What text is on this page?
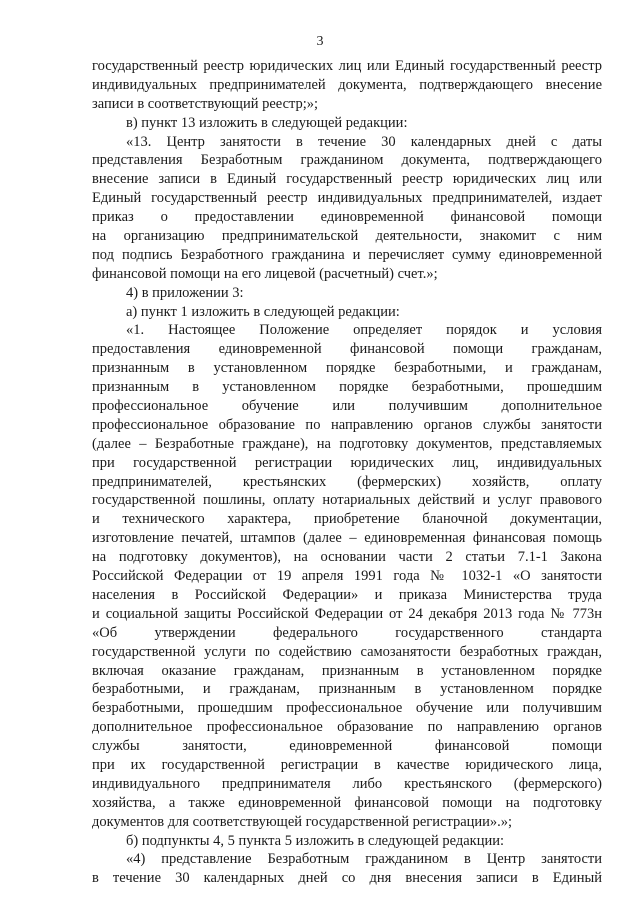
3
государственный реестр юридических лиц или Единый государственный реестр
индивидуальных предпринимателей документа, подтверждающего внесение
записи в соответствующий реестр;»;
в) пункт 13 изложить в следующей редакции:
«13. Центр занятости в течение 30 календарных дней с даты
представления Безработным гражданином документа, подтверждающего
внесение записи в Единый государственный реестр юридических лиц или
Единый государственный реестр индивидуальных предпринимателей, издает
приказ о предоставлении единовременной финансовой помощи
на организацию предпринимательской деятельности, знакомит с ним
под подпись Безработного гражданина и перечисляет сумму единовременной
финансовой помощи на его лицевой (расчетный) счет.»;
4) в приложении 3:
а) пункт 1 изложить в следующей редакции:
«1. Настоящее Положение определяет порядок и условия
предоставления единовременной финансовой помощи гражданам,
признанным в установленном порядке безработными, и гражданам,
признанным в установленном порядке безработными, прошедшим
профессиональное обучение или получившим дополнительное
профессиональное образование по направлению органов службы занятости
(далее – Безработные граждане), на подготовку документов, представляемых
при государственной регистрации юридических лиц, индивидуальных
предпринимателей, крестьянских (фермерских) хозяйств, оплату
государственной пошлины, оплату нотариальных действий и услуг правового
и технического характера, приобретение бланочной документации,
изготовление печатей, штампов (далее – единовременная финансовая помощь
на подготовку документов), на основании части 2 статьи 7.1-1 Закона
Российской Федерации от 19 апреля 1991 года № 1032-1 «О занятости
населения в Российской Федерации» и приказа Министерства труда
и социальной защиты Российской Федерации от 24 декабря 2013 года № 773н
«Об утверждении федерального государственного стандарта
государственной услуги по содействию самозанятости безработных граждан,
включая оказание гражданам, признанным в установленном порядке
безработными, и гражданам, признанным в установленном порядке
безработными, прошедшим профессиональное обучение или получившим
дополнительное профессиональное образование по направлению органов
службы занятости, единовременной финансовой помощи
при их государственной регистрации в качестве юридического лица,
индивидуального предпринимателя либо крестьянского (фермерского)
хозяйства, а также единовременной финансовой помощи на подготовку
документов для соответствующей государственной регистрации».»;
б) подпункты 4, 5 пункта 5 изложить в следующей редакции:
«4) представление Безработным гражданином в Центр занятости
в течение 30 календарных дней со дня внесения записи в Единый
